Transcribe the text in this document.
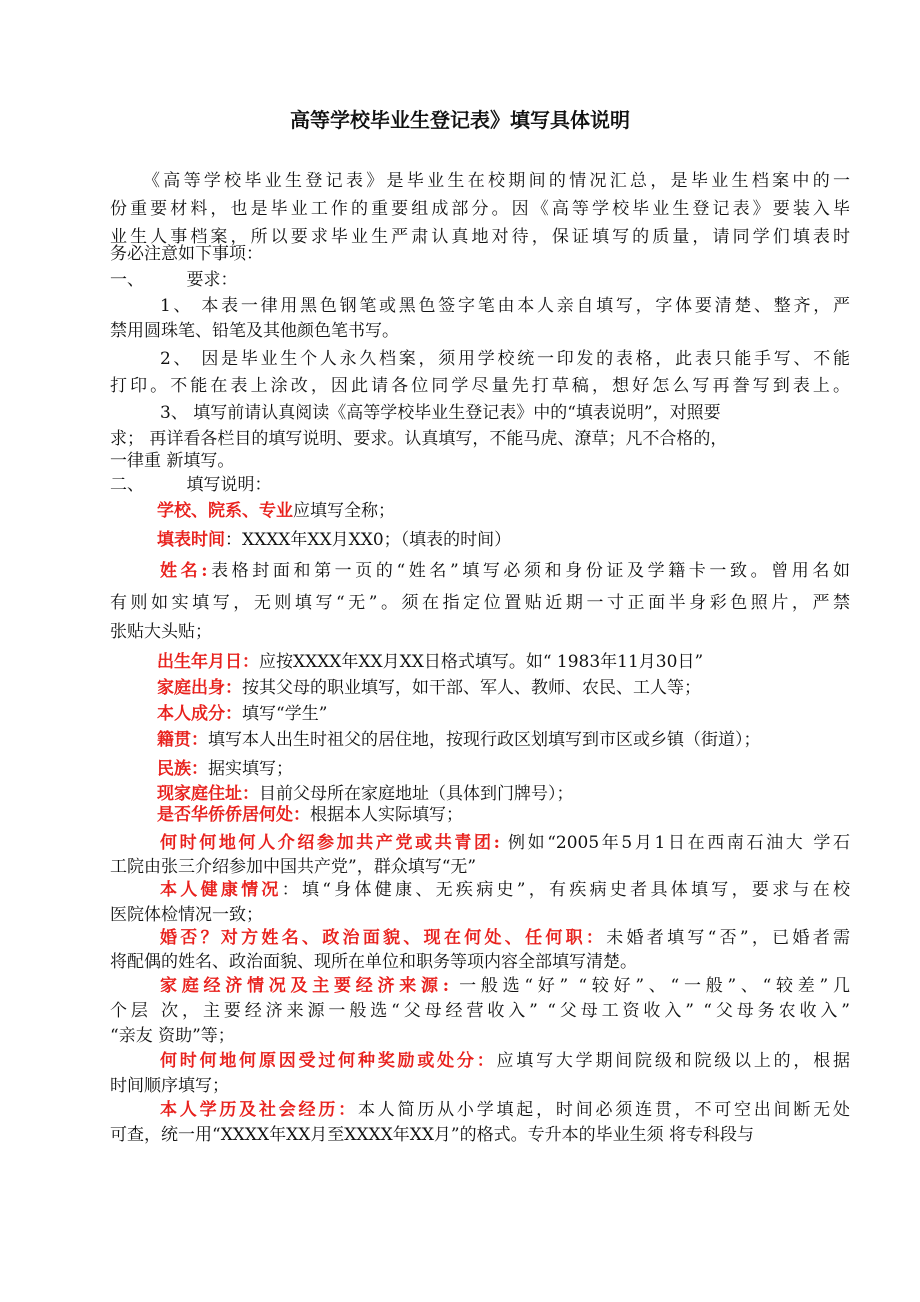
高等学校毕业生登记表》填写具体说明
《高等学校毕业生登记表》是毕业生在校期间的情况汇总，是毕业生档案中的一
份重要材料，也是毕业工作的重要组成部分。因《高等学校毕业生登记表》要装入毕
业生人事档案，所以要求毕业生严肃认真地对待，保证填写的质量，请同学们填表时
务必注意如下事项：
一、　　　要求：
1、 本表一律用黑色钢笔或黑色签字笔由本人亲自填写，字体要清楚、整齐，严
禁用圆珠笔、铅笔及其他颜色笔书写。
2、 因是毕业生个人永久档案，须用学校统一印发的表格，此表只能手写、不能
打印。不能在表上涂改，因此请各位同学尽量先打草稿，想好怎么写再誊写到表上。
3、 填写前请认真阅读《高等学校毕业生登记表》中的“填表说明”，对照要
求； 再详看各栏目的填写说明、要求。认真填写，不能马虎、潦草；凡不合格的，
一律重 新填写。
二、　　　填写说明：
学校、院系、专业应填写全称；
填表时间：XXXX年XX月XX0；（填表的时间）
姓名:表格封面和第一页的“姓名”填写必须和身份证及学籍卡一致。曾用名如
有则如实填写，无则填写“无”。须在指定位置贴近期一寸正面半身彩色照片，严禁
张贴大头贴；
出生年月日：应按XXXX年XX月XX日格式填写。如“ 1983年11月30日”
家庭出身：按其父母的职业填写，如干部、军人、教师、农民、工人等；
本人成分：填写“学生”
籍贯：填写本人出生时祖父的居住地，按现行政区划填写到市区或乡镇（街道）；
民族：据实填写；
现家庭住址：目前父母所在家庭地址（具体到门牌号）；
是否华侨侨居何处：根据本人实际填写；
何时何地何人介绍参加共产党或共青团: 例如“2005年5月1日在西南石油大 学石
工院由张三介绍参加中国共产党”，群众填写“无”
本人健康情况：填“身体健康、无疾病史”，有疾病史者具体填写，要求与在校
医院体检情况一致；
婚否？对方姓名、政治面貌、现在何处、任何职：未婚者填写“否”，已婚者需
将配偶的姓名、政治面貌、现所在单位和职务等项内容全部填写清楚。
家庭经济情况及主要经济来源: 一般选“好” “较好”、“一般”、“较差”几
个层 次，主要经济来源一般选“父母经营收入” “父母工资收入” “父母务农收入”
“亲友 资助”等；
何时何地何原因受过何种奖励或处分：应填写大学期间院级和院级以上的，根据
时间顺序填写；
本人学历及社会经历：本人简历从小学填起，时间必须连贯，不可空出间断无处
可查，统一用“XXXX年XX月至XXXX年XX月”的格式。专升本的毕业生须 将专科段与
